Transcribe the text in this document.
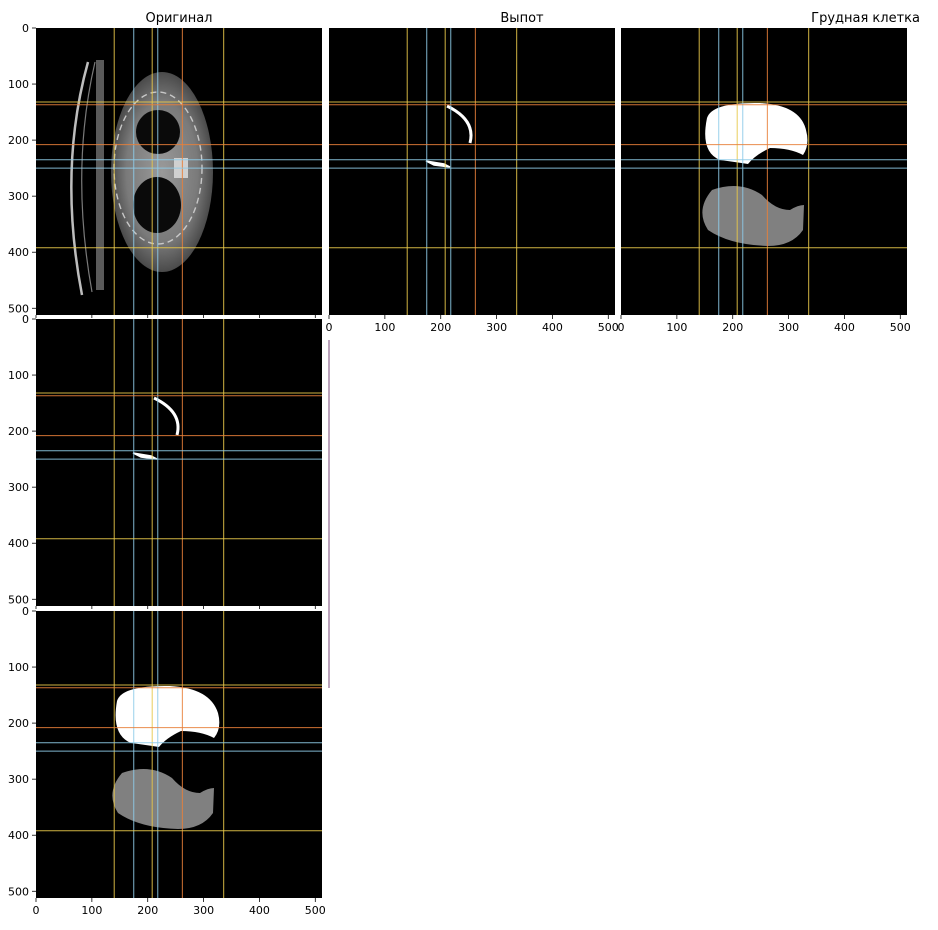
Оригинал	Выпот	Грудная клетка
0
100
200
300
400
500
0	100	200	300	400	500
0	100	200	300	400	500
0
100
200
300
400
500
0
100
200
300
400
500
0	100	200	300	400	500
